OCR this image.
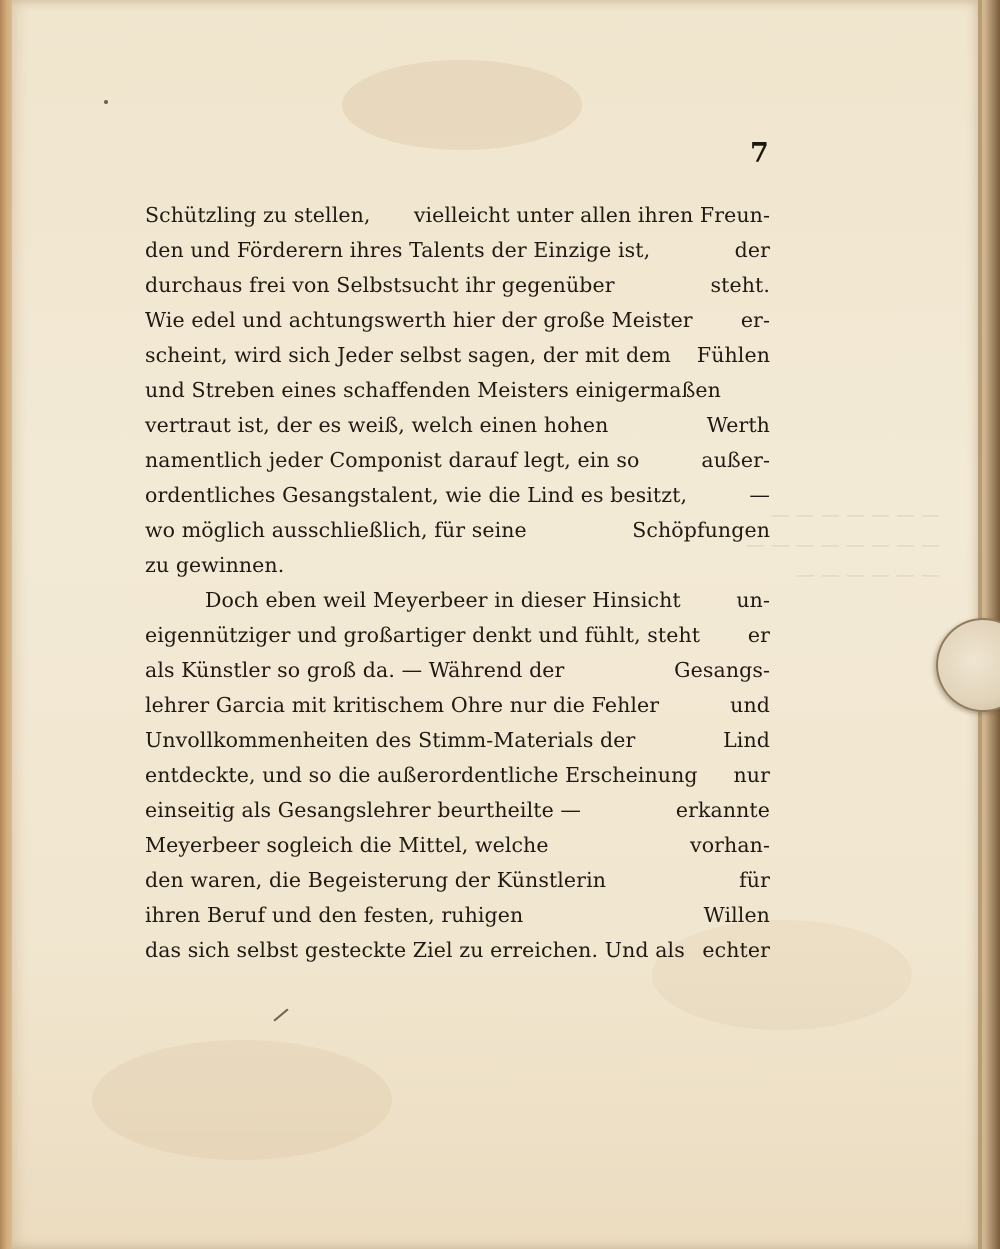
— — — — — — —
— — — — — — — —
— — — — — —
7
Schützling zu stellen, vielleicht unter allen ihren Freun-
den und Förderern ihres Talents der Einzige ist,	der
durchaus frei von Selbstsucht ihr gegenüber	steht.
Wie edel und achtungswerth hier der große Meister er-
scheint, wird sich Jeder selbst sagen, der mit dem Fühlen
und Streben eines schaffenden Meisters einigermaßen
vertraut ist, der es weiß, welch einen hohen	Werth
namentlich jeder Componist darauf legt, ein so	außer-
ordentliches Gesangstalent, wie die Lind es besitzt,	—
wo möglich ausschließlich, für seine	Schöpfungen
zu gewinnen.
Doch eben weil Meyerbeer in dieser Hinsicht	un-
eigennütziger und großartiger denkt und fühlt, steht er
als Künstler so groß da. — Während der	Gesangs-
lehrer Garcia mit kritischem Ohre nur die Fehler	und
Unvollkommenheiten des Stimm-Materials der	Lind
entdeckte, und so die außerordentliche Erscheinung nur
einseitig als Gesangslehrer beurtheilte —	erkannte
Meyerbeer sogleich die Mittel, welche	vorhan-
den waren, die Begeisterung der Künstlerin	für
ihren Beruf und den festen, ruhigen	Willen
das sich selbst gesteckte Ziel zu erreichen. Und als echter
